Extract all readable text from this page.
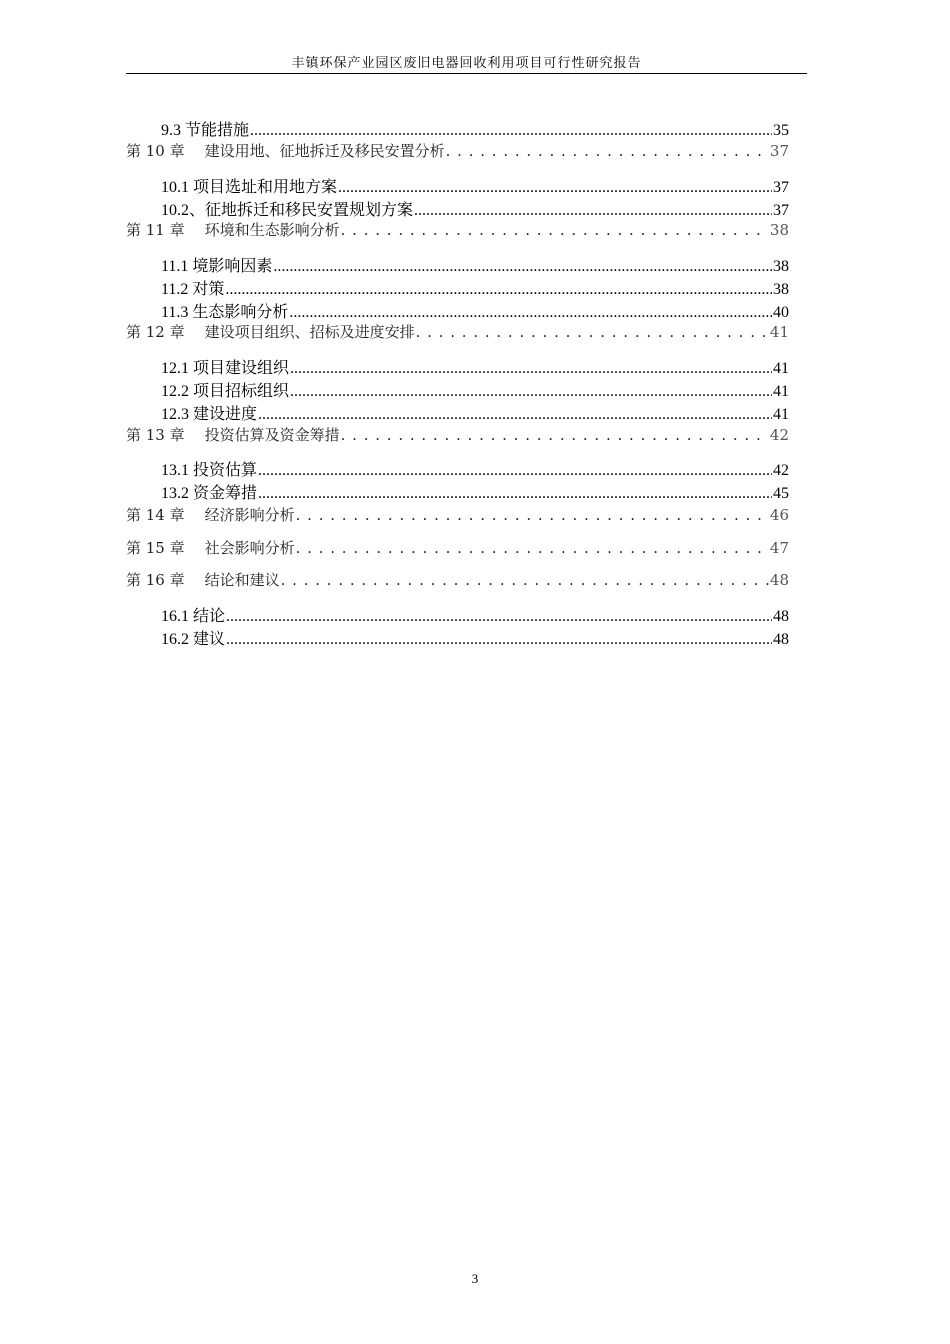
丰镇环保产业园区废旧电器回收利用项目可行性研究报告
9.3 节能措施 .....	35
第 10 章 建设用地、征地拆迁及移民安置分析 . . .	37
10.1 项目选址和用地方案 .....	37
10.2、征地拆迁和移民安置规划方案 .....	37
第 11 章 环境和生态影响分析 . . .	38
11.1 境影响因素 .....	38
11.2 对策 .....	38
11.3 生态影响分析 .....	40
第 12 章 建设项目组织、招标及进度安排 . . .	41
12.1 项目建设组织 .....	41
12.2 项目招标组织 .....	41
12.3 建设进度 .....	41
第 13 章 投资估算及资金筹措 . . .	42
13.1 投资估算 .....	42
13.2 资金筹措 .....	45
第 14 章 经济影响分析 . . .	46
第 15 章 社会影响分析 . . .	47
第 16 章 结论和建议 . . .	48
16.1 结论 .....	48
16.2 建议 .....	48
3
